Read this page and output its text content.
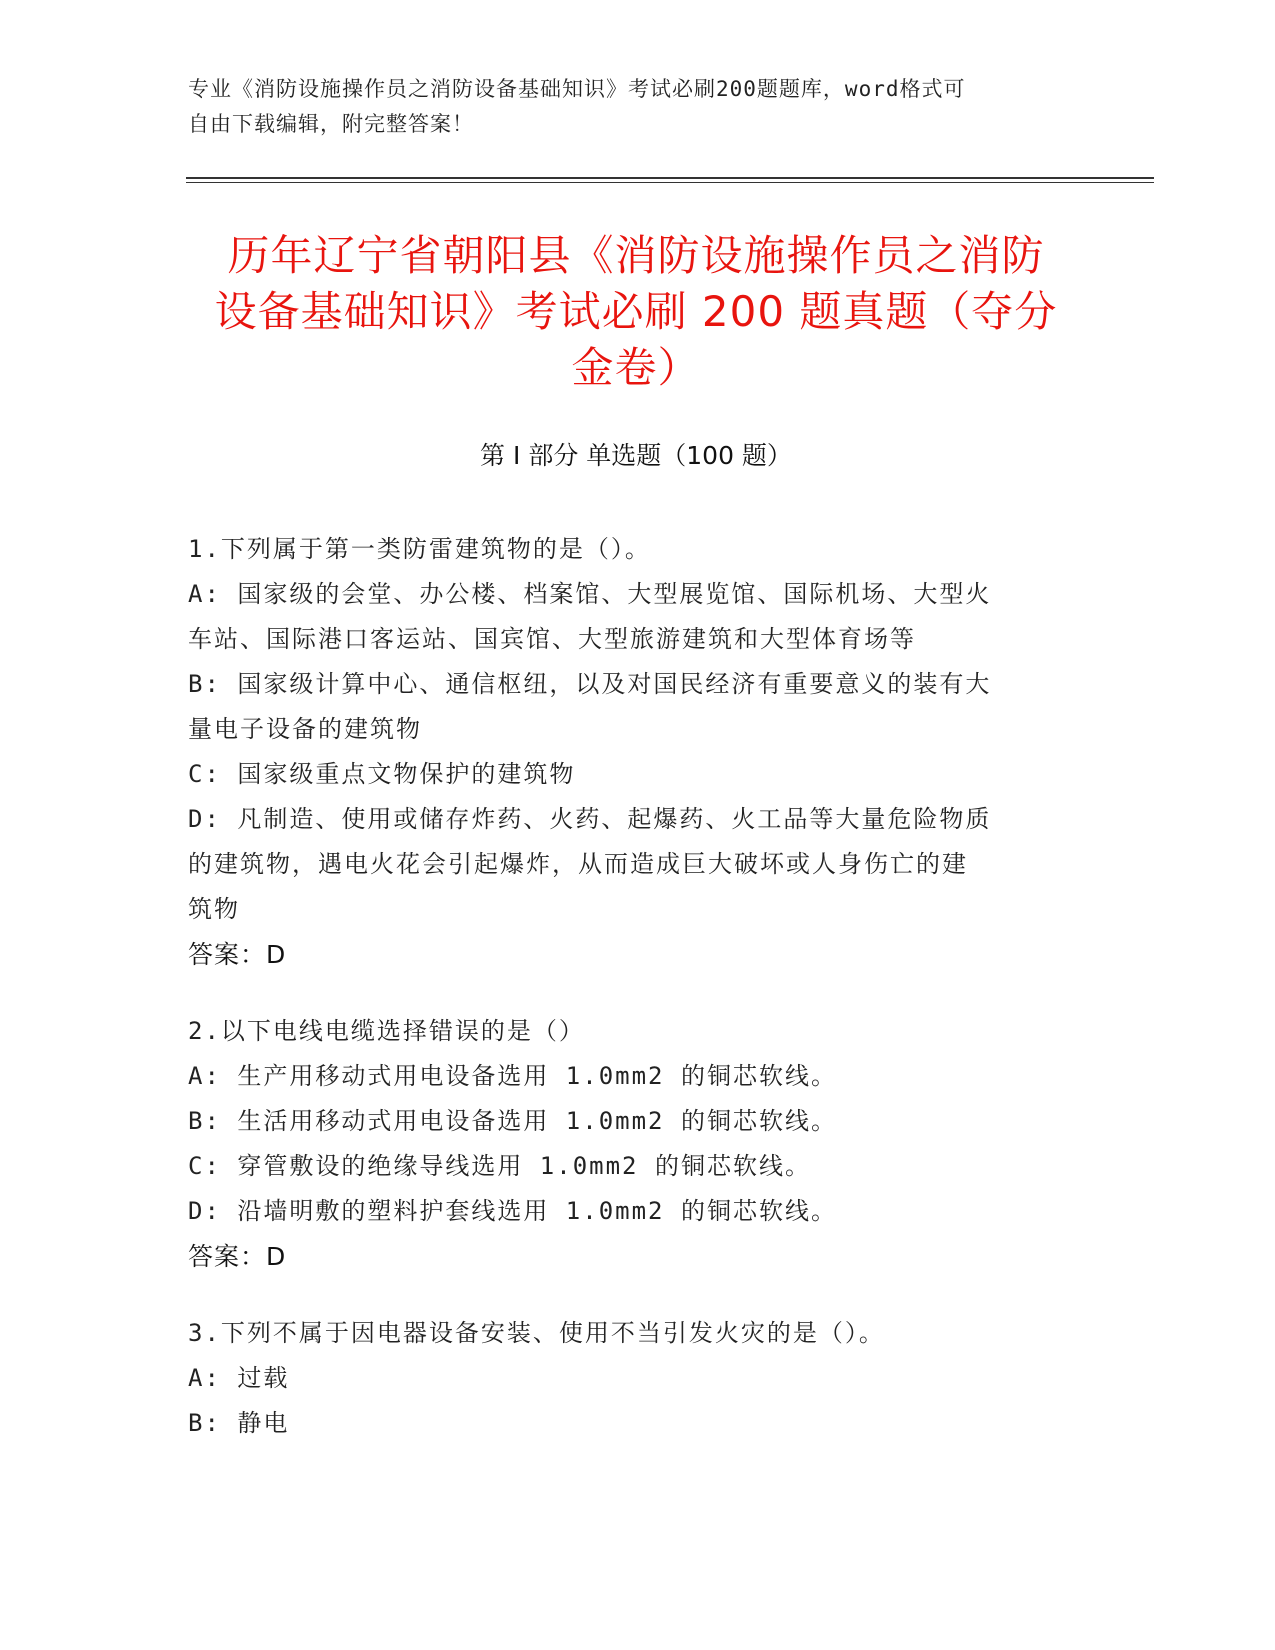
专业《消防设施操作员之消防设备基础知识》考试必刷200题题库，word格式可
自由下载编辑，附完整答案！
历年辽宁省朝阳县《消防设施操作员之消防
设备基础知识》考试必刷 200 题真题（夺分
金卷）
第 I 部分 单选题（100 题）

1.下列属于第一类防雷建筑物的是（）。

A: 国家级的会堂、办公楼、档案馆、大型展览馆、国际机场、大型火

车站、国际港口客运站、国宾馆、大型旅游建筑和大型体育场等

B: 国家级计算中心、通信枢纽，以及对国民经济有重要意义的装有大

量电子设备的建筑物

C: 国家级重点文物保护的建筑物

D: 凡制造、使用或储存炸药、火药、起爆药、火工品等大量危险物质

的建筑物，遇电火花会引起爆炸，从而造成巨大破坏或人身伤亡的建

筑物

答案：D

2.以下电线电缆选择错误的是（）

A: 生产用移动式用电设备选用 1.0mm2 的铜芯软线。

B: 生活用移动式用电设备选用 1.0mm2 的铜芯软线。

C: 穿管敷设的绝缘导线选用 1.0mm2 的铜芯软线。

D: 沿墙明敷的塑料护套线选用 1.0mm2 的铜芯软线。

答案：D

3.下列不属于因电器设备安装、使用不当引发火灾的是（）。

A: 过载

B: 静电
